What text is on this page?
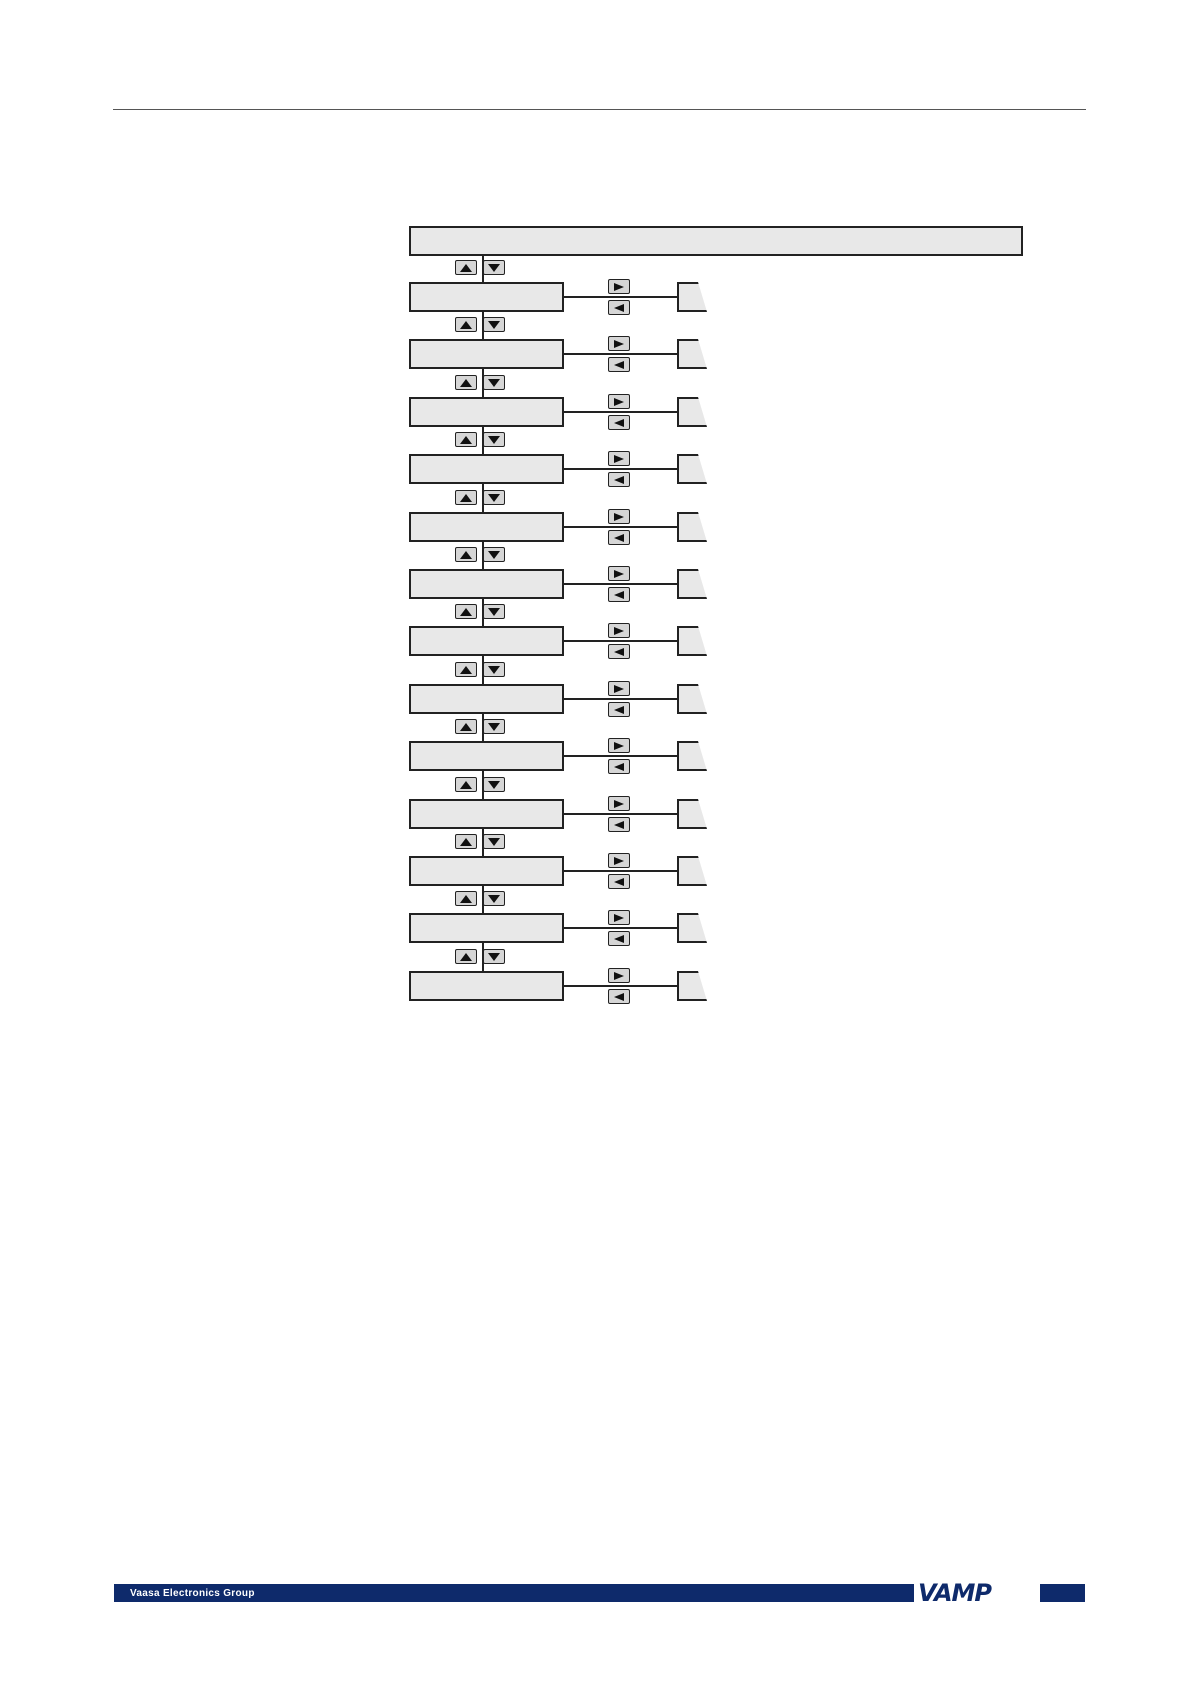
Vaasa Electronics Group	VAMP
